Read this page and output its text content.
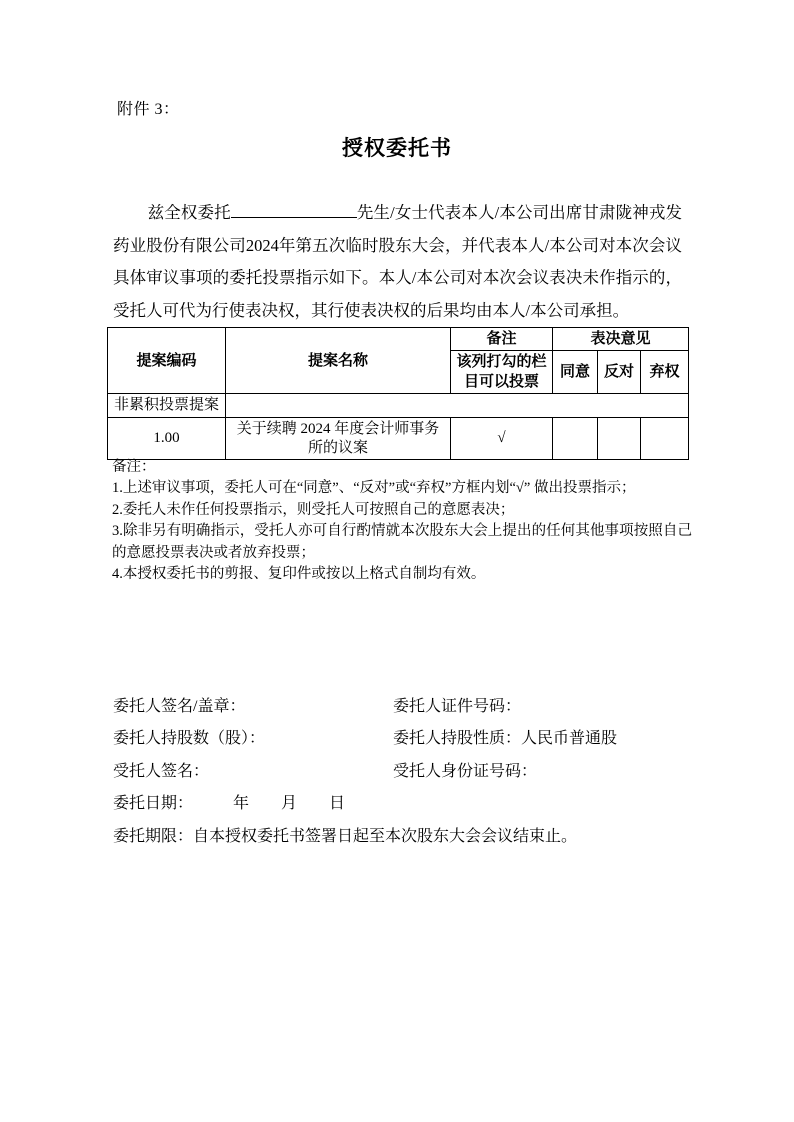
附件 3：
授权委托书

兹全权委托	先生/女士代表本人/本公司出席甘肃陇神戎发药业股份有限公司2024年第五次临时股东大会，并代表本人/本公司对本次会议具体审议事项的委托投票指示如下。本人/本公司对本次会议表决未作指示的，受托人可代为行使表决权，其行使表决权的后果均由本人/本公司承担。

提案编码	提案名称	备注	表决意见		
		该列打勾的栏目可以投票	同意	反对	弃权
非累积投票提案					
1.00	关于续聘 2024 年度会计师事务所的议案	√			
备注：
1.上述审议事项，委托人可在“同意”、“反对”或“弃权”方框内划“√” 做出投票指示；
2.委托人未作任何投票指示，则受托人可按照自己的意愿表决；
3.除非另有明确指示，受托人亦可自行酌情就本次股东大会上提出的任何其他事项按照自己的意愿投票表决或者放弃投票；
4.本授权委托书的剪报、复印件或按以上格式自制均有效。
委托人签名/盖章：	委托人证件号码：
委托人持股数（股）：	委托人持股性质：人民币普通股
受托人签名：	受托人身份证号码：
委托日期：　　　年　　月　　日
委托期限：自本授权委托书签署日起至本次股东大会会议结束止。
